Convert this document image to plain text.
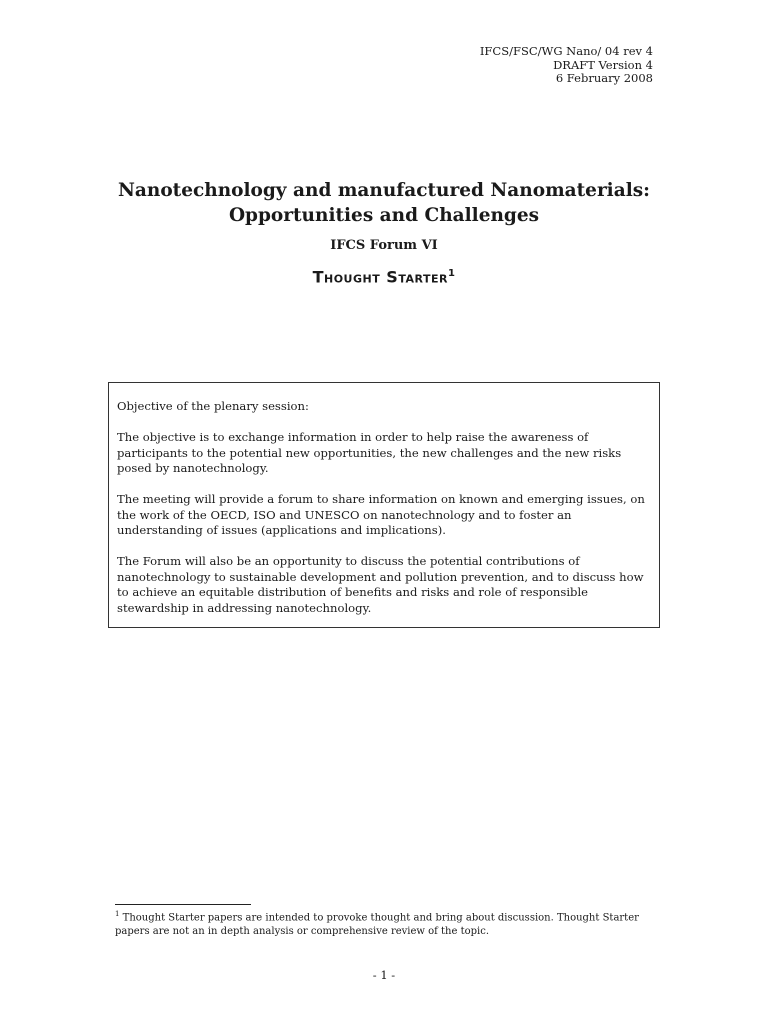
IFCS/FSC/WG Nano/ 04 rev 4
DRAFT Version 4
6 February 2008
Nanotechnology and manufactured Nanomaterials:
Opportunities and Challenges
IFCS Forum VI
Thought Starter$^1$

Objective of the plenary session:

The objective is to exchange information in order to help raise the awareness of participants to the potential new opportunities, the new challenges and the new risks posed by nanotechnology.

The meeting will provide a forum to share information on known and emerging issues, on the work of the OECD, ISO and UNESCO on nanotechnology and to foster an understanding of issues (applications and implications).

The Forum will also be an opportunity to discuss the potential contributions of nanotechnology to sustainable development and pollution prevention, and to discuss how to achieve an equitable distribution of benefits and risks and role of responsible stewardship in addressing nanotechnology.

$^1$ Thought Starter papers are intended to provoke thought and bring about discussion. Thought Starter papers are not an in depth analysis or comprehensive review of the topic.
- 1 -
